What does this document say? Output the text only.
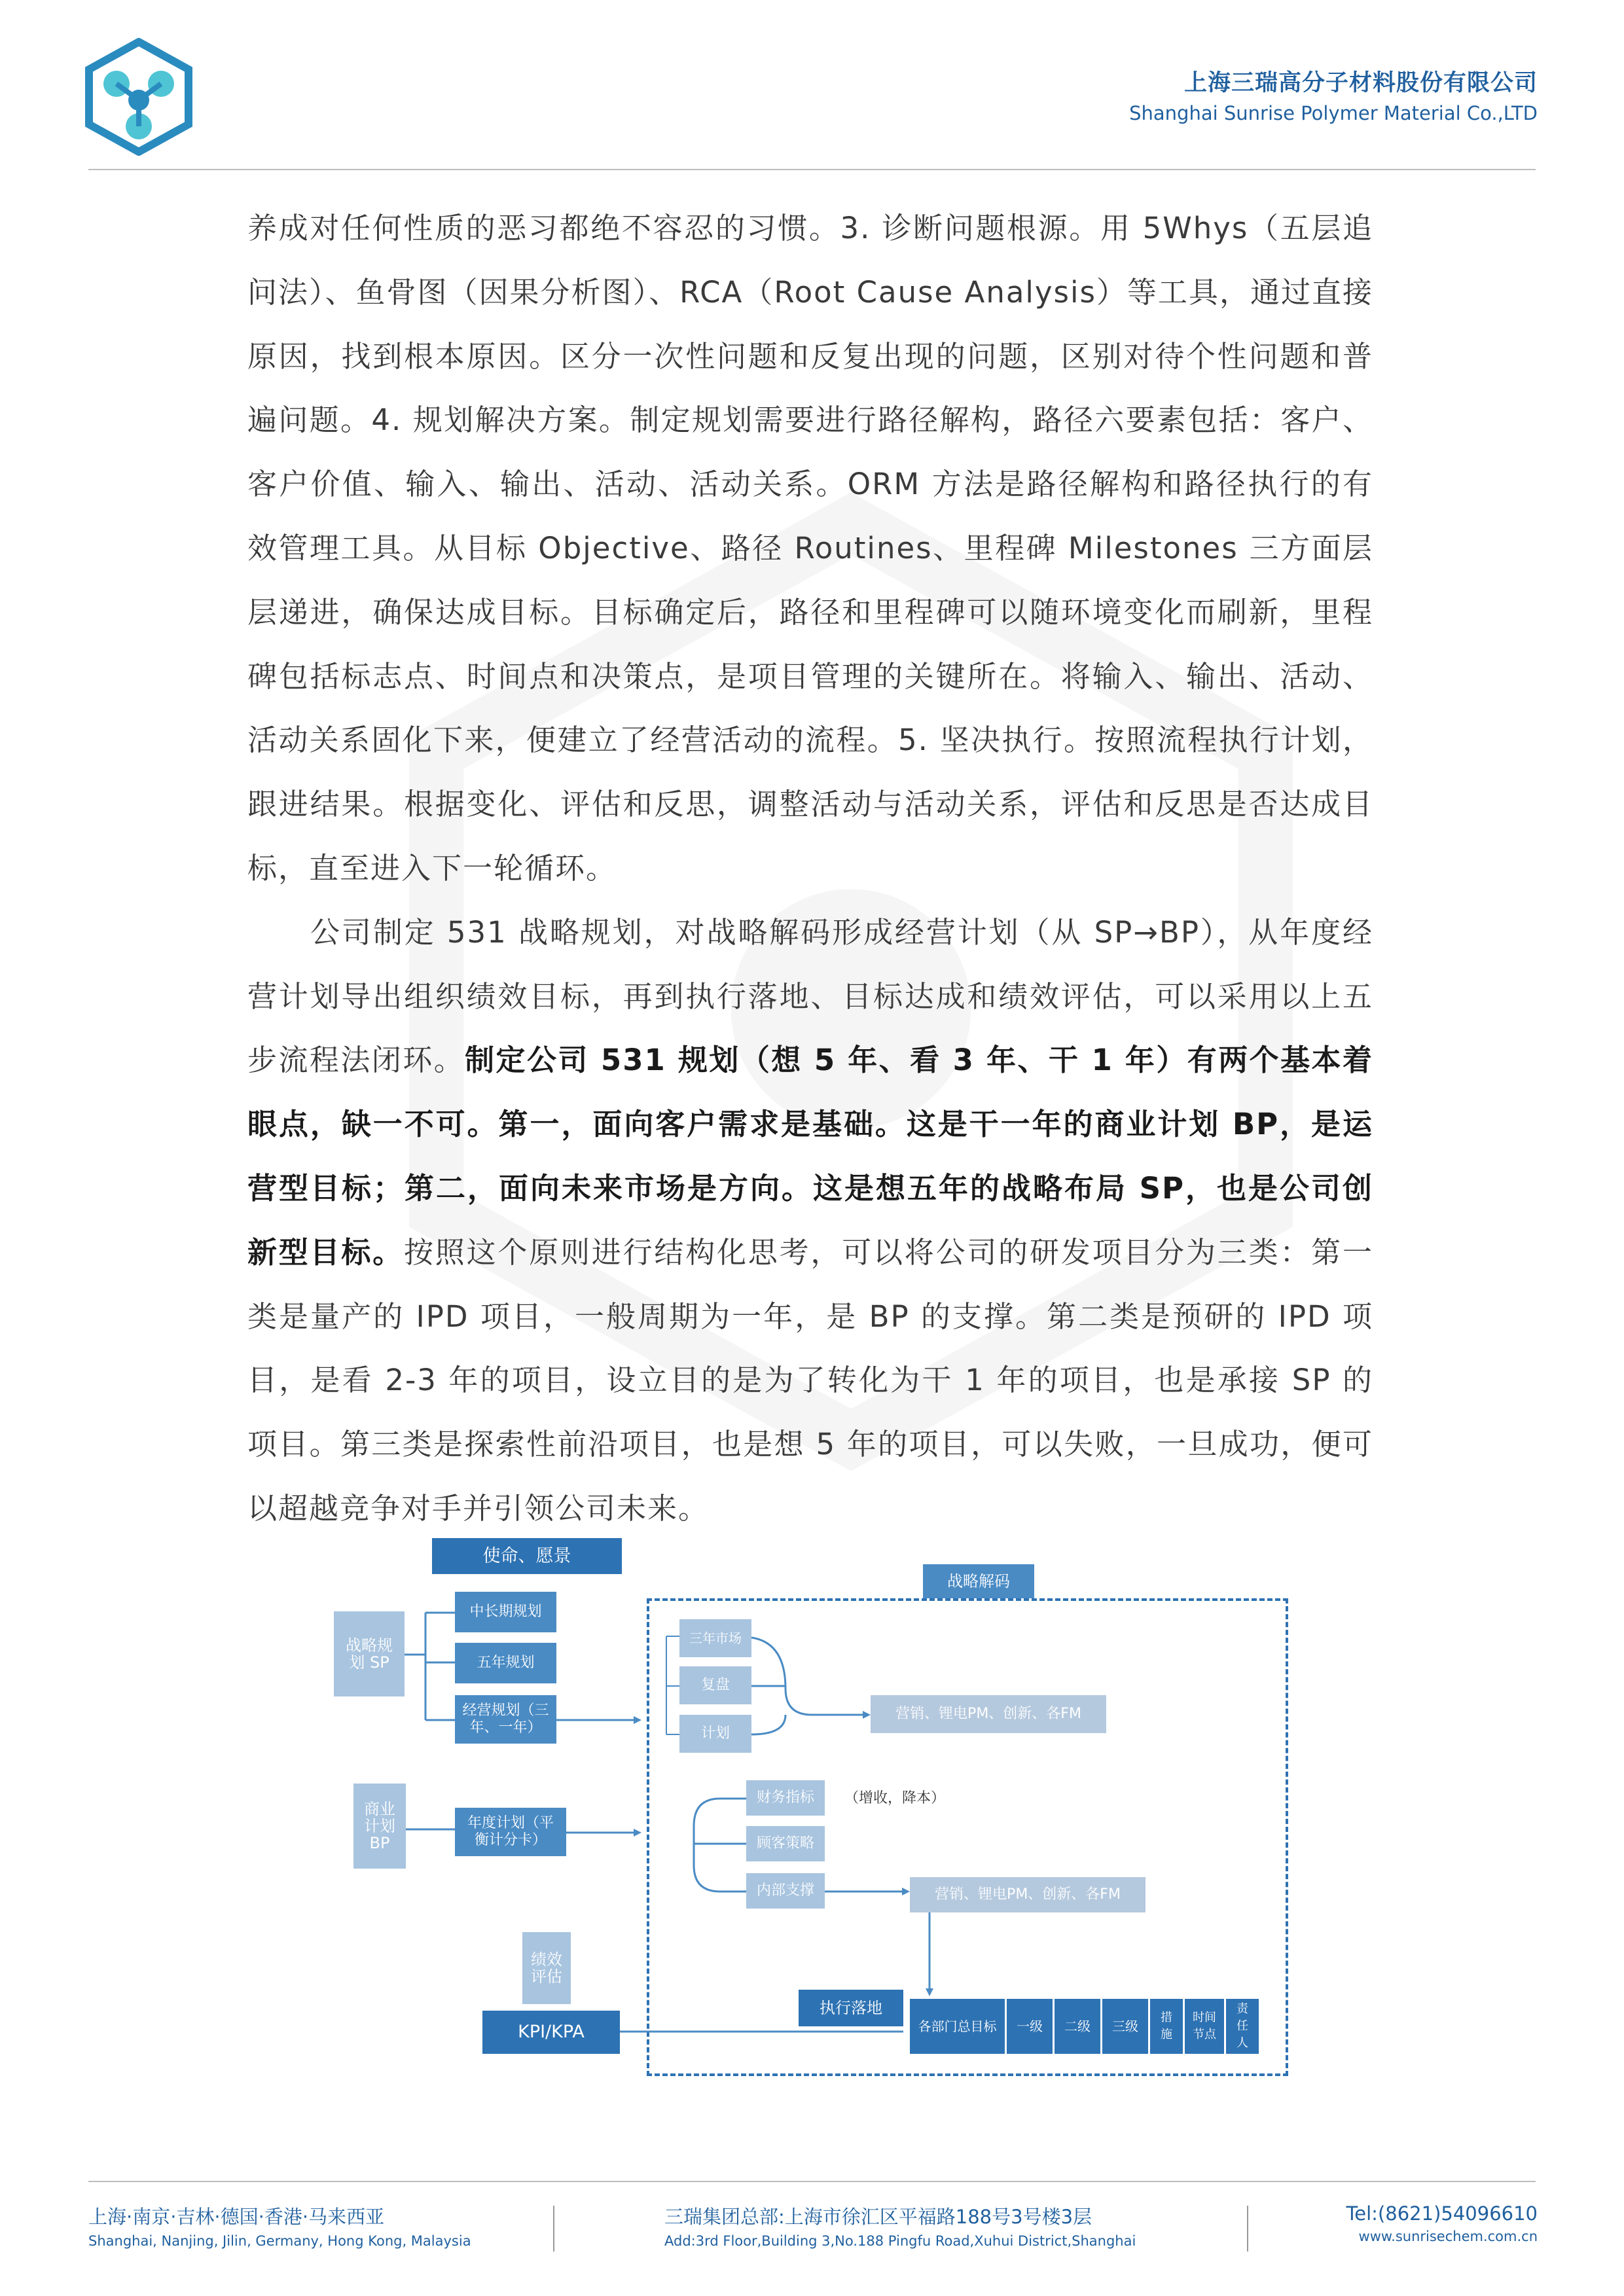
上海三瑞高分子材料股份有限公司
Shanghai Sunrise Polymer Material Co.,LTD

养成对任何性质的恶习都绝不容忍的习惯。3. 诊断问题根源。用 5Whys（五层追问法）、鱼骨图（因果分析图）、RCA（Root Cause Analysis）等工具，通过直接原因，找到根本原因。区分一次性问题和反复出现的问题，区别对待个性问题和普遍问题。4. 规划解决方案。制定规划需要进行路径解构，路径六要素包括：客户、客户价值、输入、输出、活动、活动关系。ORM 方法是路径解构和路径执行的有效管理工具。从目标 Objective、路径 Routines、里程碑 Milestones 三方面层层递进，确保达成目标。目标确定后，路径和里程碑可以随环境变化而刷新，里程碑包括标志点、时间点和决策点，是项目管理的关键所在。将输入、输出、活动、活动关系固化下来，便建立了经营活动的流程。5. 坚决执行。按照流程执行计划，跟进结果。根据变化、评估和反思，调整活动与活动关系，评估和反思是否达成目标，直至进入下一轮循环。

公司制定 531 战略规划，对战略解码形成经营计划（从 SP→BP），从年度经营计划导出组织绩效目标，再到执行落地、目标达成和绩效评估，可以采用以上五步流程法闭环。制定公司 531 规划（想 5 年、看 3 年、干 1 年）有两个基本着眼点，缺一不可。第一，面向客户需求是基础。这是干一年的商业计划 BP，是运营型目标；第二，面向未来市场是方向。这是想五年的战略布局 SP，也是公司创新型目标。按照这个原则进行结构化思考，可以将公司的研发项目分为三类：第一类是量产的 IPD 项目，一般周期为一年，是 BP 的支撑。第二类是预研的 IPD 项目，是看 2-3 年的项目，设立目的是为了转化为干 1 年的项目，也是承接 SP 的项目。第三类是探索性前沿项目，也是想 5 年的项目，可以失败，一旦成功，便可以超越竞争对手并引领公司未来。

使命、愿景
战略解码
战略规划 SP
中长期规划
五年规划
经营规划（三年、一年）
三年市场
复盘
计划
营销、锂电PM、创新、各FM
商业计划BP
年度计划（平衡计分卡）
财务指标	（增收，降本）
顾客策略
内部支撑	营销、锂电PM、创新、各FM
绩效评估
KPI/KPA
执行落地
各部门总目标	一级	二级	三级
措施
时间节点
责任人
上海·南京·吉林·德国·香港·马来西亚
Shanghai, Nanjing, Jilin, Germany, Hong Kong, Malaysia
三瑞集团总部:上海市徐汇区平福路188号3号楼3层
Add:3rd Floor,Building 3,No.188 Pingfu Road,Xuhui District,Shanghai
Tel:(8621)54096610
www.sunrisechem.com.cn
